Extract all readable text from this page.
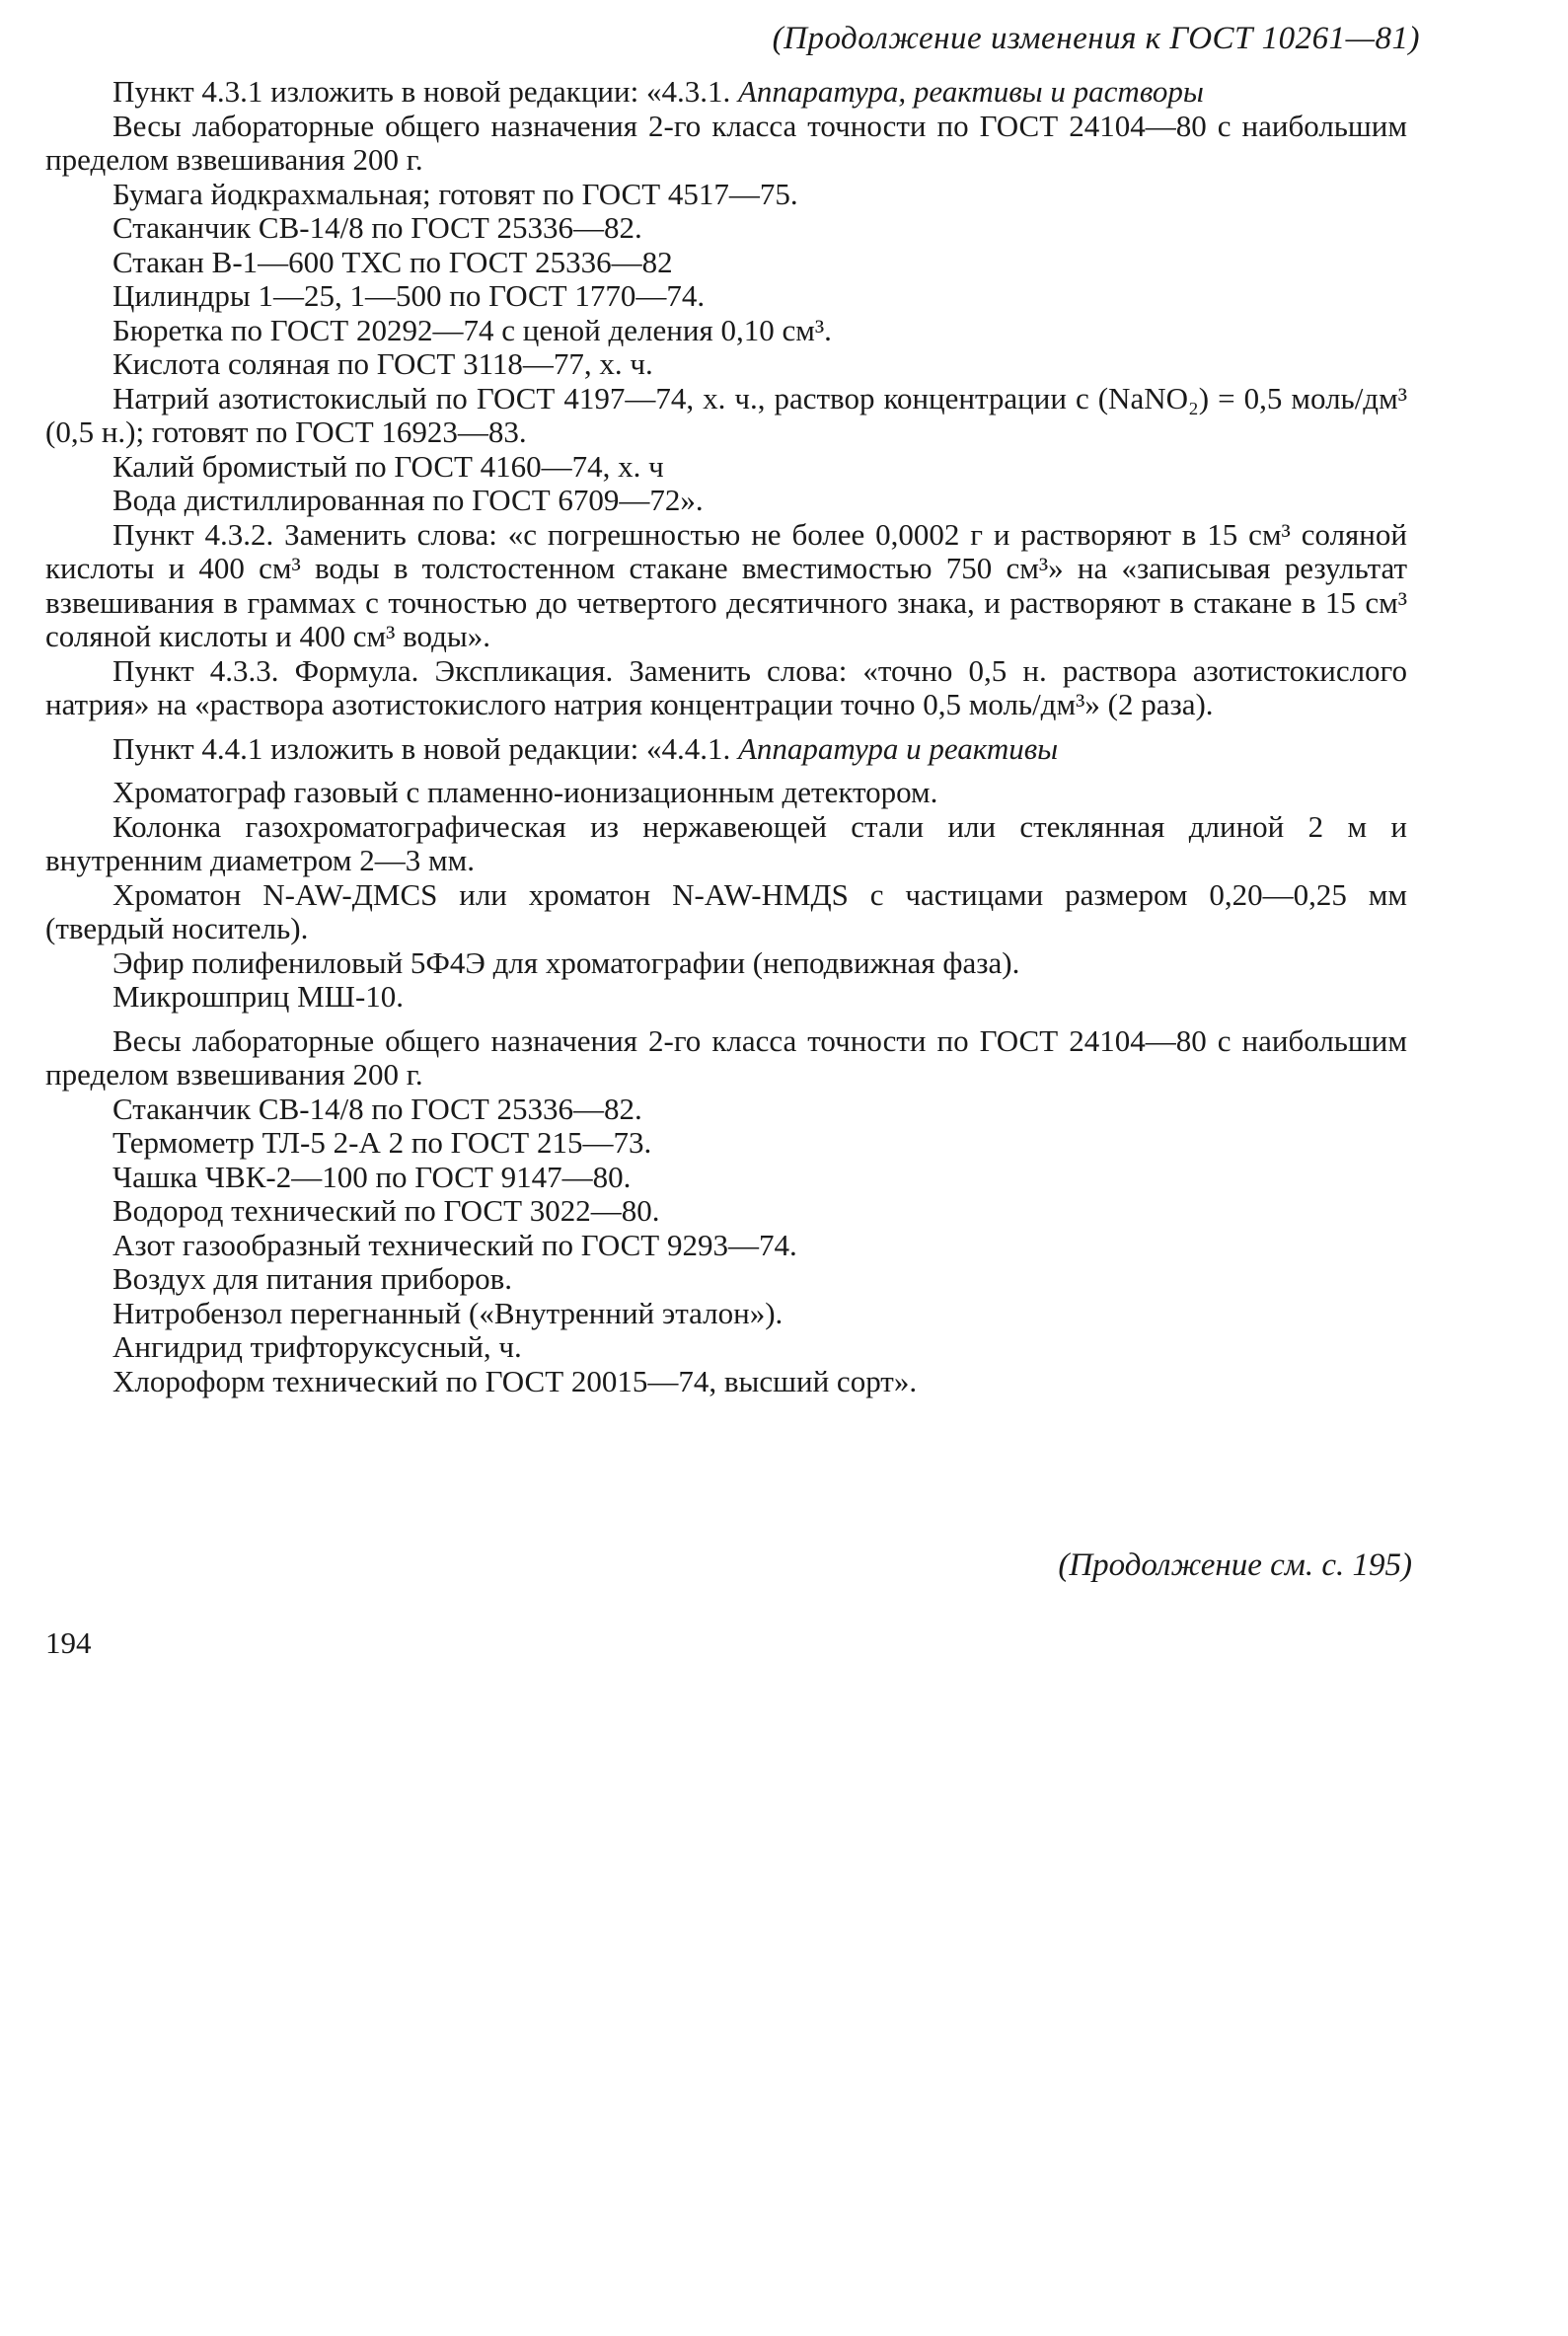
(Продолжение изменения к ГОСТ 10261—81)

Пункт 4.3.1 изложить в новой редакции: «4.3.1. Аппаратура, реактивы и растворы

Весы лабораторные общего назначения 2-го класса точности по ГОСТ 24104—80 с наибольшим пределом взвешивания 200 г.

Бумага йодкрахмальная; готовят по ГОСТ 4517—75.

Стаканчик СВ-14/8 по ГОСТ 25336—82.

Стакан В-1—600 ТХС по ГОСТ 25336—82

Цилиндры 1—25, 1—500 по ГОСТ 1770—74.

Бюретка по ГОСТ 20292—74 с ценой деления 0,10 см³.

Кислота соляная по ГОСТ 3118—77, х. ч.

Натрий азотистокислый по ГОСТ 4197—74, х. ч., раствор концентрации c (NaNO₂) = 0,5 моль/дм³ (0,5 н.); готовят по ГОСТ 16923—83.

Калий бромистый по ГОСТ 4160—74, х. ч

Вода дистиллированная по ГОСТ 6709—72».

Пункт 4.3.2. Заменить слова: «с погрешностью не более 0,0002 г и растворяют в 15 см³ соляной кислоты и 400 см³ воды в толстостенном стакане вместимостью 750 см³» на «записывая результат взвешивания в граммах с точностью до четвертого десятичного знака, и растворяют в стакане в 15 см³ соляной кислоты и 400 см³ воды».

Пункт 4.3.3. Формула. Экспликация. Заменить слова: «точно 0,5 н. раствора азотистокислого натрия» на «раствора азотистокислого натрия концентрации точно 0,5 моль/дм³» (2 раза).

Пункт 4.4.1 изложить в новой редакции: «4.4.1. Аппаратура и реактивы

Хроматограф газовый с пламенно-ионизационным детектором.

Колонка газохроматографическая из нержавеющей стали или стеклянная длиной 2 м и внутренним диаметром 2—3 мм.

Хроматон N-AW-ДМCS или хроматон N-AW-НМДS с частицами размером 0,20—0,25 мм (твердый носитель).

Эфир полифениловый 5Ф4Э для хроматографии (неподвижная фаза).

Микрошприц МШ-10.

Весы лабораторные общего назначения 2-го класса точности по ГОСТ 24104—80 с наибольшим пределом взвешивания 200 г.

Стаканчик СВ-14/8 по ГОСТ 25336—82.

Термометр ТЛ-5 2-А 2 по ГОСТ 215—73.

Чашка ЧВК-2—100 по ГОСТ 9147—80.

Водород технический по ГОСТ 3022—80.

Азот газообразный технический по ГОСТ 9293—74.

Воздух для питания приборов.

Нитробензол перегнанный («Внутренний эталон»).

Ангидрид трифторуксусный, ч.

Хлороформ технический по ГОСТ 20015—74, высший сорт».

(Продолжение см. с. 195)
194
